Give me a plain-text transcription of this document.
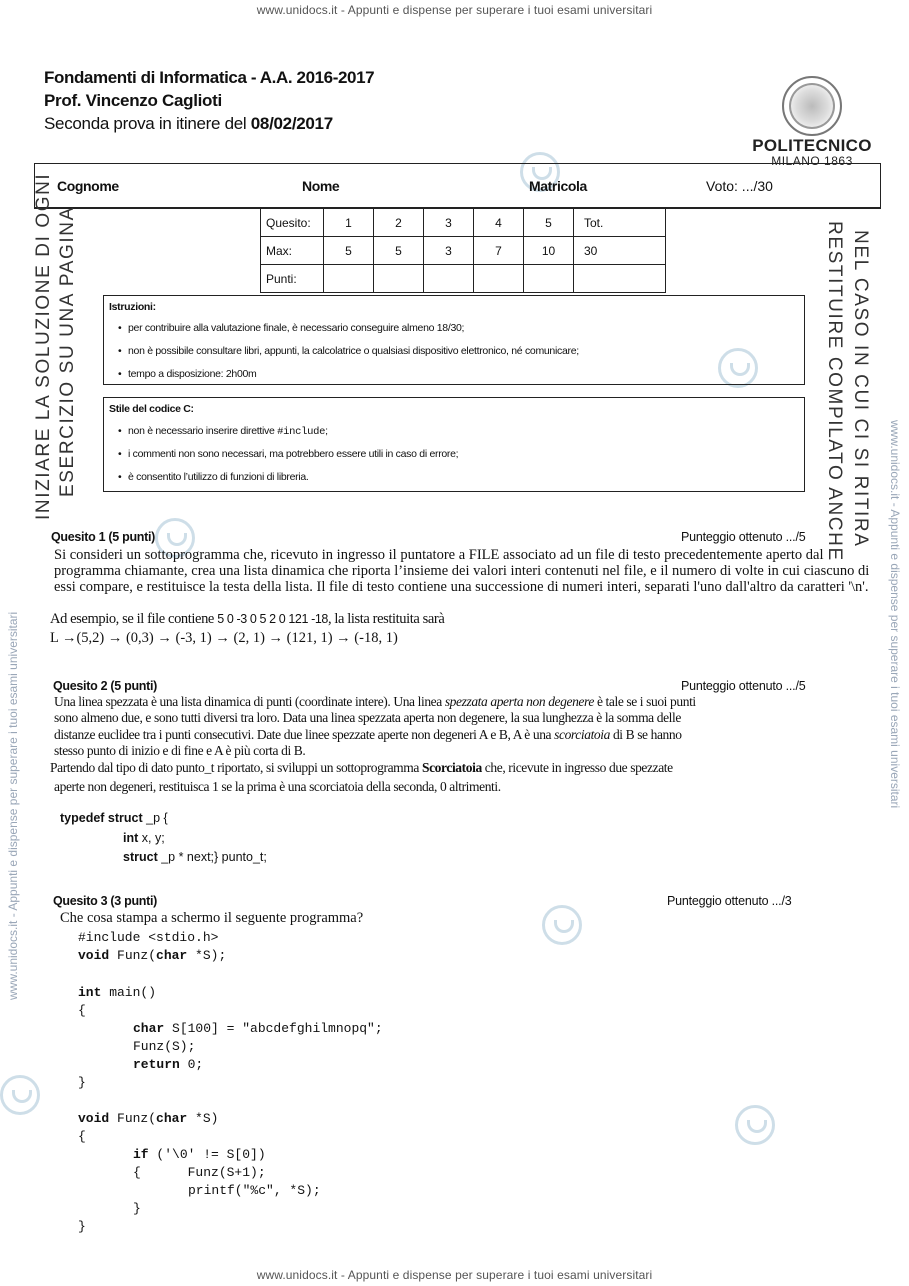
www.unidocs.it - Appunti e dispense per superare i tuoi esami universitari
www.unidocs.it - Appunti e dispense per superare i tuoi esami universitari
www.unidocs.it - Appunti e dispense per superare i tuoi esami universitari	www.unidocs.it - Appunti e dispense per superare i tuoi esami universitari
Fondamenti di Informatica - A.A. 2016-2017
Prof. Vincenzo Caglioti
Seconda prova in itinere del 08/02/2017
POLITECNICO
MILANO 1863
Cognome	Nome	Matricola	Voto: .../30
Quesito:	1	2	3	4	5	Tot.
Max:	5	5	3	7	10	30
Punti:						
Istruzioni:
• per contribuire alla valutazione finale, è necessario conseguire almeno 18/30;
• non è possibile consultare libri, appunti, la calcolatrice o qualsiasi dispositivo elettronico, né comunicare;
• tempo a disposizione: 2h00m
Stile del codice C:
• non è necessario inserire direttive #include;
• i commenti non sono necessari, ma potrebbero essere utili in caso di errore;
• è consentito l’utilizzo di funzioni di libreria.
INIZIARE LA SOLUZIONE DI OGNI ESERCIZIO SU UNA PAGINA	RESTITUIRE COMPILATO ANCHE NEL CASO IN CUI CI SI RITIRA
Quesito 1 (5 punti)	Punteggio ottenuto .../5
Si consideri un sottoprogramma che, ricevuto in ingresso il puntatore a FILE associato ad un file di testo precedentemente aperto dal programma chiamante, crea una lista dinamica che riporta l’insieme dei valori interi contenuti nel file, e il numero di volte in cui ciascuno di essi compare, e restituisce la testa della lista. Il file di testo contiene una successione di numeri interi, separati l'uno dall'altro da caratteri '\n'.
Ad esempio, se il file contiene 5 0 -3 0 5 2 0 121 -18, la lista restituita sarà
L →(5,2) → (0,3) → (-3, 1) → (2, 1) → (121, 1) → (-18, 1)
Quesito 2 (5 punti)	Punteggio ottenuto .../5
Una linea spezzata è una lista dinamica di punti (coordinate intere). Una linea spezzata aperta non degenere è tale se i suoi punti
sono almeno due, e sono tutti diversi tra loro. Data una linea spezzata aperta non degenere, la sua lunghezza è la somma delle
distanze euclidee tra i punti consecutivi. Date due linee spezzate aperte non degeneri A e B, A è una scorciatoia di B se hanno
stesso punto di inizio e di fine e A è più corta di B.
Partendo dal tipo di dato punto_t riportato, si sviluppi un sottoprogramma Scorciatoia che, ricevute in ingresso due spezzate
aperte non degeneri, restituisca 1 se la prima è una scorciatoia della seconda, 0 altrimenti.
typedef struct _p {
int x, y;
struct _p * next;} punto_t;
Quesito 3 (3 punti)	Punteggio ottenuto .../3
Che cosa stampa a schermo il seguente programma?
#include <stdio.h>
void Funz(char *S);
int main()
{
char S[100] = "abcdefghilmnopq";
Funz(S);
return 0;
}
void Funz(char *S)
{
if ('\0' != S[0])
{      Funz(S+1);
printf("%c", *S);
}
}
